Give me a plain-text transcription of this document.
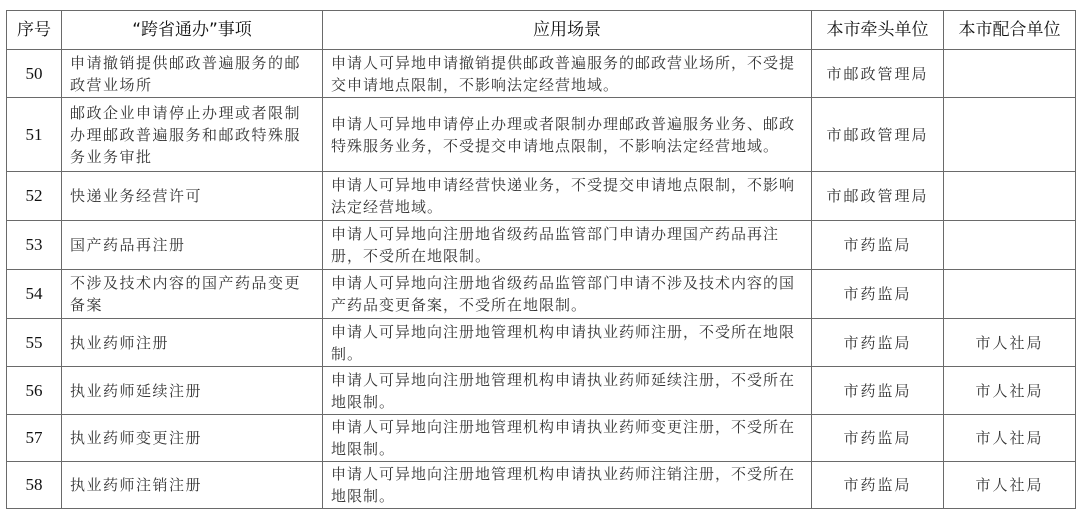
序号	“跨省通办”事项	应用场景	本市牵头单位	本市配合单位
50	申请撤销提供邮政普遍服务的邮政营业场所	申请人可异地申请撤销提供邮政普遍服务的邮政营业场所，不受提交申请地点限制，不影响法定经营地域。	市邮政管理局	
51	邮政企业申请停止办理或者限制办理邮政普遍服务和邮政特殊服务业务审批	申请人可异地申请停止办理或者限制办理邮政普遍服务业务、邮政特殊服务业务，不受提交申请地点限制，不影响法定经营地域。	市邮政管理局	
52	快递业务经营许可	申请人可异地申请经营快递业务，不受提交申请地点限制，不影响法定经营地域。	市邮政管理局	
53	国产药品再注册	申请人可异地向注册地省级药品监管部门申请办理国产药品再注册，不受所在地限制。	市药监局	
54	不涉及技术内容的国产药品变更备案	申请人可异地向注册地省级药品监管部门申请不涉及技术内容的国产药品变更备案，不受所在地限制。	市药监局	
55	执业药师注册	申请人可异地向注册地管理机构申请执业药师注册，不受所在地限制。	市药监局	市人社局
56	执业药师延续注册	申请人可异地向注册地管理机构申请执业药师延续注册，不受所在地限制。	市药监局	市人社局
57	执业药师变更注册	申请人可异地向注册地管理机构申请执业药师变更注册，不受所在地限制。	市药监局	市人社局
58	执业药师注销注册	申请人可异地向注册地管理机构申请执业药师注销注册，不受所在地限制。	市药监局	市人社局
